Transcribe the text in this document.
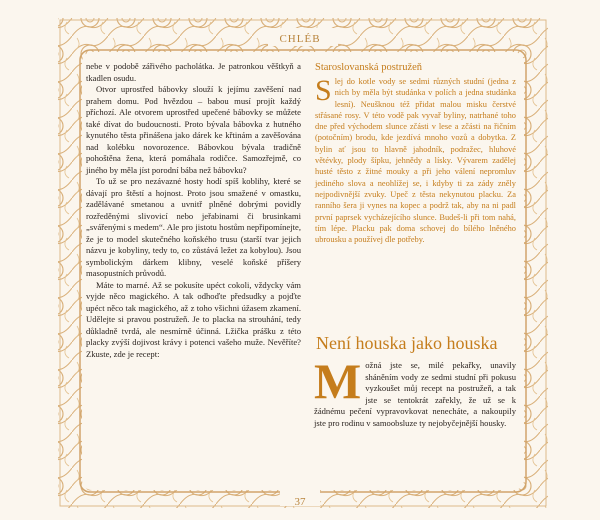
CHLÉB

nebe v podobě zářivého pacholátka. Je patronkou věštkyň a tkadlen osudu.

Otvor uprostřed bábovky slouží k jejímu zavěšení nad prahem domu. Pod hvězdou – babou musí projít každý příchozí. Ale otvorem uprostřed upečené bábovky se můžete také dívat do budoucnosti. Proto bývala bábovka z hutného kynutého těsta přinášena jako dárek ke křtinám a zavěšována nad kolébku novorozence. Bábovkou bývala tradičně pohoštěna žena, která pomáhala rodičce. Samozřejmě, co jiného by měla jíst porodní bába než bábovku?

To už se pro nezávazné hosty hodí spíš koblihy, které se dávají pro štěstí a hojnost. Proto jsou smažené v omastku, zadělávané smetanou a uvnitř plněné dobrými povidly rozředěnými slivovicí nebo jeřabinami či brusinkami „svářenými s medem“. Ale pro jistotu hostům nepřipomínejte, že je to model skutečného koňského trusu (starší tvar jejich názvu je kobyliny, tedy to, co zůstává ležet za kobylou). Jsou symbolickým dárkem klibny, veselé koňské příšery masopustních průvodů.

Máte to marné. Až se pokusíte upéct cokoli, vždycky vám vyjde něco magického. A tak odhoďte předsudky a pojďte upéct něco tak magického, až z toho všichni úžasem zkamení. Udělejte si pravou postružeň. Je to placka na strouhání, tedy důkladně tvrdá, ale nesmírně účinná. Lžička prášku z této placky zvýší dojivost krávy i potenci vašeho muže. Nevěříte? Zkuste, zde je recept:

Staroslovanská postružeň

Slej do kotle vody se sedmi různých studní (jedna z nich by měla být studánka v polích a jedna studánka lesní). Neušknou též přidat malou misku čerstvé střásané rosy. V této vodě pak vyvař byliny, natrhané toho dne před východem slunce zčásti v lese a zčásti na řičním (potočním) brodu, kde jezdívá mnoho vozů a dobytka. Z bylin ať jsou to hlavně jahodník, podražec, hluhové větévky, plody šípku, jehnědy a lísky. Vývarem zadělej husté těsto z žitné mouky a při jeho válení nepromluv jediného slova a neohlížej se, i kdyby ti za zády zněly nejpodivnější zvuky. Upeč z těsta nekynutou placku. Za ranního šera ji vynes na kopec a podrž tak, aby na ni padl první paprsek vycházejícího slunce. Budeš-li při tom nahá, tím lépe. Placku pak doma schovej do bílého lněného ubrousku a používej dle potřeby.

Není houska jako houska
Možná jste se, milé pekařky, unavily sháněním vody ze sedmi studní při pokusu vyzkoušet můj recept na postružeň, a tak jste se tentokrát zařekly, že už se k žádnému pečení vypravovkovat nenecháte, a nakoupily jste pro rodinu v samoobsluze ty nejobyčejnější housky.
37
